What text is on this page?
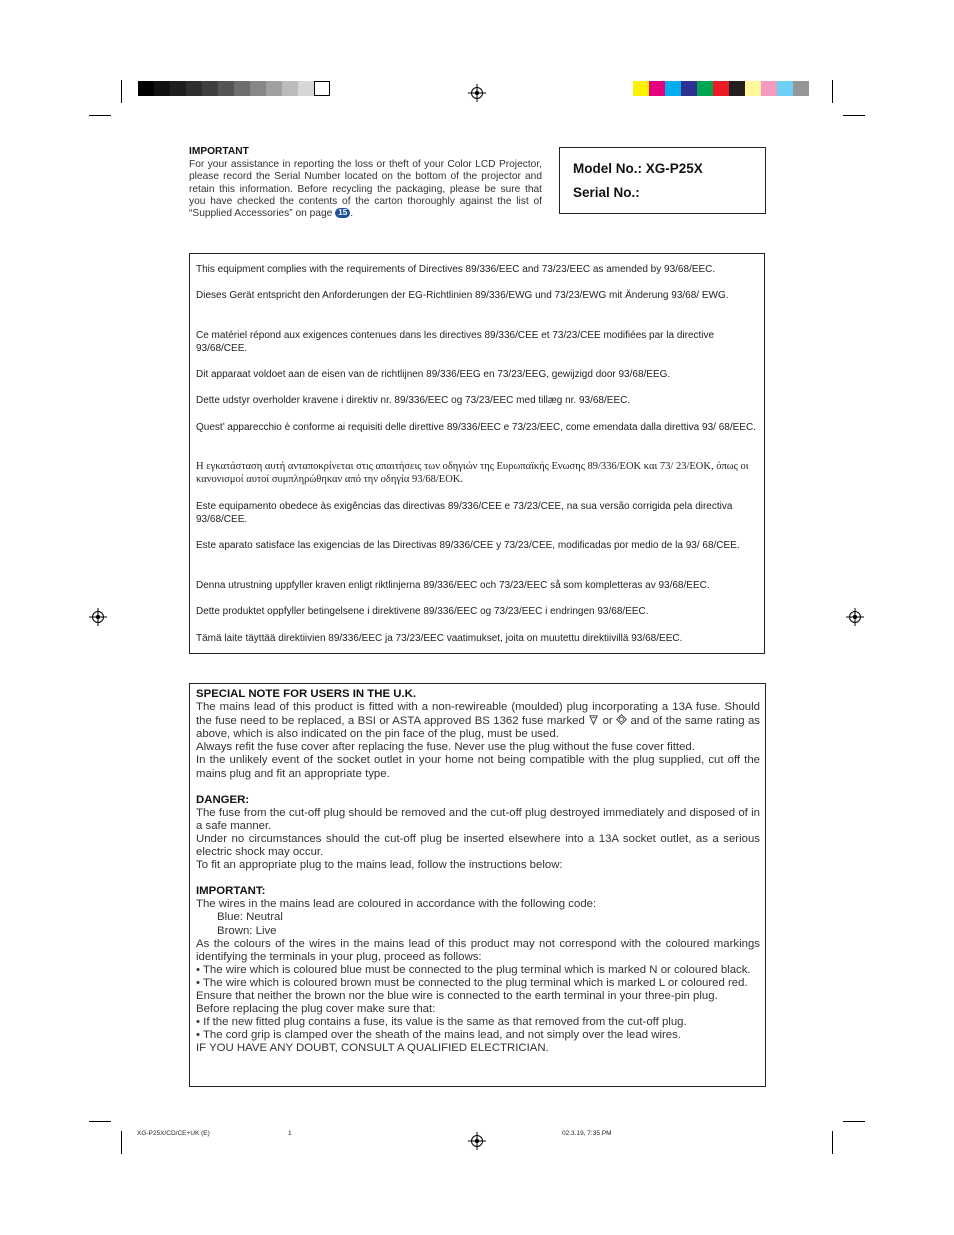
IMPORTANT
For your assistance in reporting the loss or theft of your Color LCD Projector, please record the Serial Number located on the bottom of the projector and retain this information. Before recycling the packaging, please be sure that you have checked the contents of the carton thoroughly against the list of “Supplied Accessories” on page 15 .
Model No.: XG-P25X
Serial No.:
This equipment complies with the requirements of Directives 89/336/EEC and 73/23/EEC as amended by 93/68/EEC.
Dieses Gerät entspricht den Anforderungen der EG-Richtlinien 89/336/EWG und 73/23/EWG mit Änderung 93/68/ EWG.
Ce matériel répond aux exigences contenues dans les directives 89/336/CEE et 73/23/CEE modifiées par la directive 93/68/CEE.
Dit apparaat voldoet aan de eisen van de richtlijnen 89/336/EEG en 73/23/EEG, gewijzigd door 93/68/EEG.
Dette udstyr overholder kravene i direktiv nr. 89/336/EEC og 73/23/EEC med tillæg nr. 93/68/EEC.
Quest’ apparecchio è conforme ai requisiti delle direttive 89/336/EEC e 73/23/EEC, come emendata dalla direttiva 93/ 68/EEC.
Η εγκατάσταση αυτή ανταποκρίνεται στις απαιτήσεις των οδηγιών της Ευρωπαϊκής Ενωσης 89/336/ΕΟΚ και 73/ 23/ΕΟΚ, όπως οι κανονισμοί αυτοί συμπληρώθηκαν από την οδηγία 93/68/ΕΟΚ.
Este equipamento obedece às exigências das directivas 89/336/CEE e 73/23/CEE, na sua versão corrigida pela directiva 93/68/CEE.
Este aparato satisface las exigencias de las Directivas 89/336/CEE y 73/23/CEE, modificadas por medio de la 93/ 68/CEE.
Denna utrustning uppfyller kraven enligt riktlinjerna 89/336/EEC och 73/23/EEC så som kompletteras av 93/68/EEC.
Dette produktet oppfyller betingelsene i direktivene 89/336/EEC og 73/23/EEC i endringen 93/68/EEC.
Tämä laite täyttää direktiivien 89/336/EEC ja 73/23/EEC vaatimukset, joita on muutettu direktiivillä 93/68/EEC.
SPECIAL NOTE FOR USERS IN THE U.K.
The mains lead of this product is fitted with a non-rewireable (moulded) plug incorporating a 13A fuse. Should the fuse need to be replaced, a BSI or ASTA approved BS 1362 fuse marked or and of the same rating as above, which is also indicated on the pin face of the plug, must be used.
Always refit the fuse cover after replacing the fuse. Never use the plug without the fuse cover fitted.
In the unlikely event of the socket outlet in your home not being compatible with the plug supplied, cut off the mains plug and fit an appropriate type.
DANGER:
The fuse from the cut-off plug should be removed and the cut-off plug destroyed immediately and disposed of in a safe manner.
Under no circumstances should the cut-off plug be inserted elsewhere into a 13A socket outlet, as a serious electric shock may occur.
To fit an appropriate plug to the mains lead, follow the instructions below:
IMPORTANT:
The wires in the mains lead are coloured in accordance with the following code:
Blue: Neutral
Brown: Live
As the colours of the wires in the mains lead of this product may not correspond with the coloured markings identifying the terminals in your plug, proceed as follows:
• The wire which is coloured blue must be connected to the plug terminal which is marked N or coloured black.
• The wire which is coloured brown must be connected to the plug terminal which is marked L or coloured red.
Ensure that neither the brown nor the blue wire is connected to the earth terminal in your three-pin plug.
Before replacing the plug cover make sure that:
• If the new fitted plug contains a fuse, its value is the same as that removed from the cut-off plug.
• The cord grip is clamped over the sheath of the mains lead, and not simply over the lead wires.
IF YOU HAVE ANY DOUBT, CONSULT A QUALIFIED ELECTRICIAN.
XG-P25X/CD/CE+UK (E)	1	02.3.19, 7:35 PM
